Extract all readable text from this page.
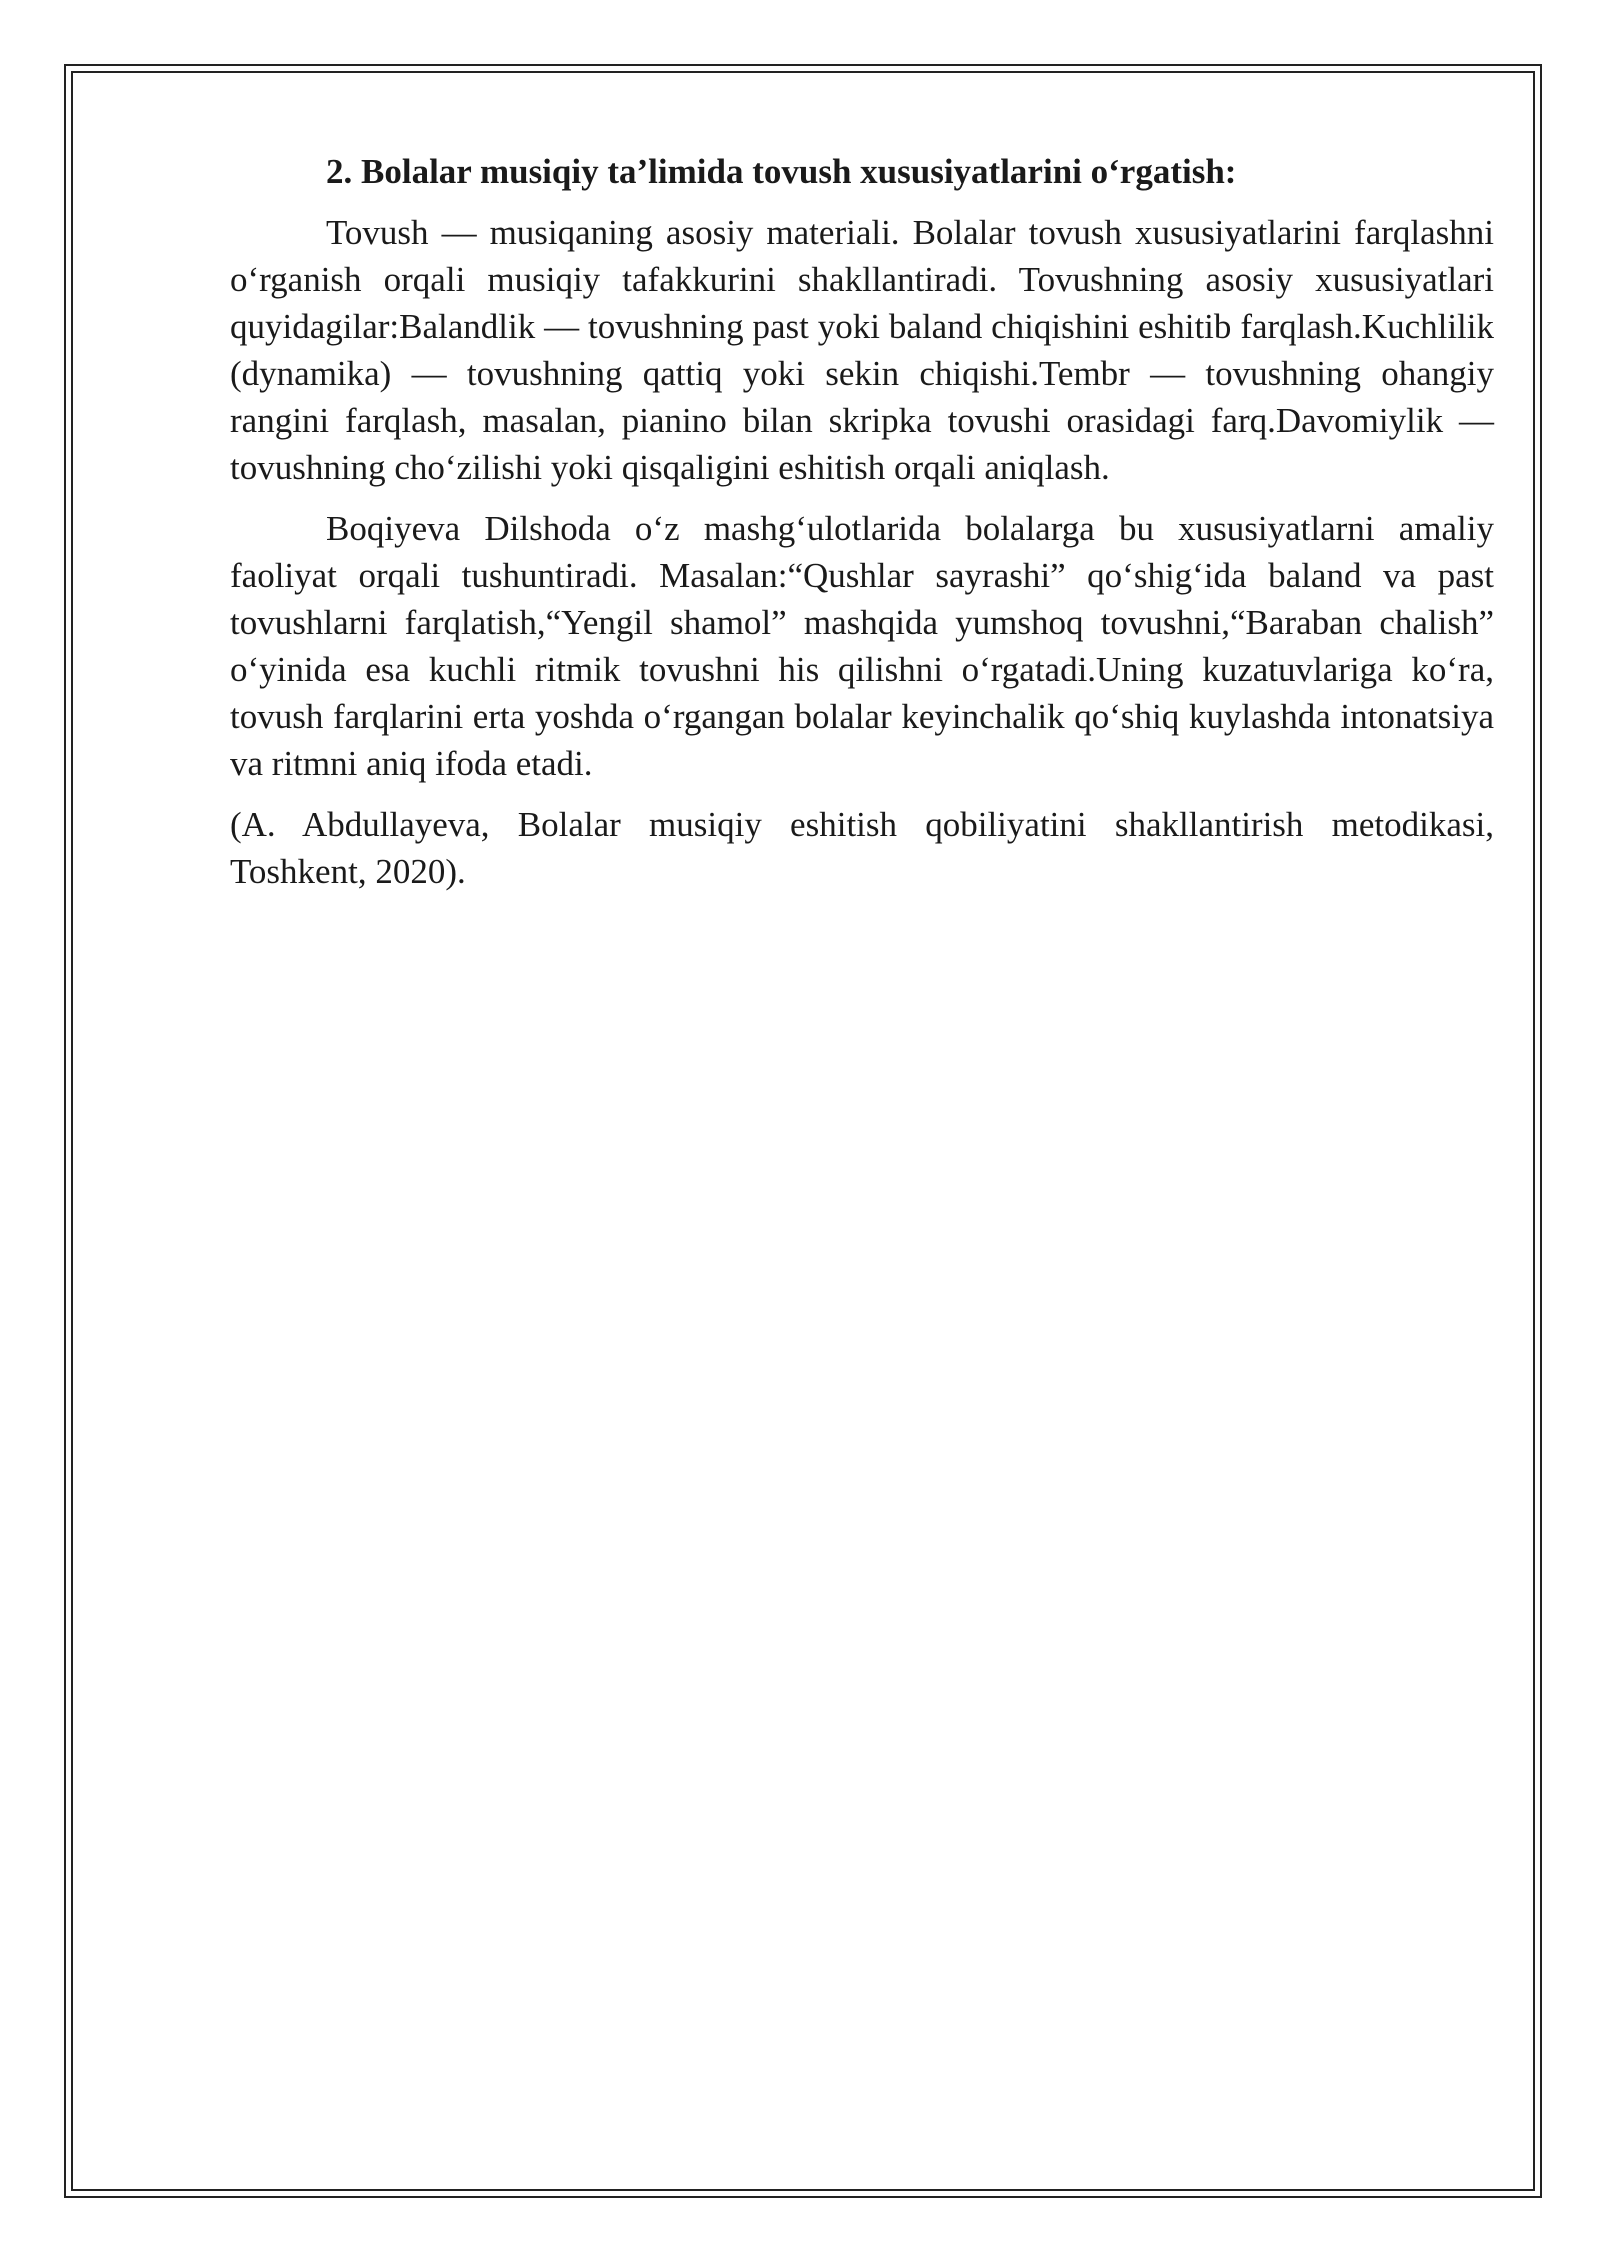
2. Bolalar musiqiy ta’limida tovush xususiyatlarini o‘rgatish:

Tovush — musiqaning asosiy materiali. Bolalar tovush xususiyatlarini farqlashni o‘rganish orqali musiqiy tafakkurini shakllantiradi. Tovushning asosiy xususiyatlari quyidagilar:Balandlik — tovushning past yoki baland chiqishini eshitib farqlash.Kuchlilik (dynamika) — tovushning qattiq yoki sekin chiqishi.Tembr — tovushning ohangiy rangini farqlash, masalan, pianino bilan skripka tovushi orasidagi farq.Davomiylik — tovushning cho‘zilishi yoki qisqaligini eshitish orqali aniqlash.

Boqiyeva Dilshoda o‘z mashg‘ulotlarida bolalarga bu xususiyatlarni amaliy faoliyat orqali tushuntiradi. Masalan:“Qushlar sayrashi” qo‘shig‘ida baland va past tovushlarni farqlatish,“Yengil shamol” mashqida yumshoq tovushni,“Baraban chalish” o‘yinida esa kuchli ritmik tovushni his qilishni o‘rgatadi.Uning kuzatuvlariga ko‘ra, tovush farqlarini erta yoshda o‘rgangan bolalar keyinchalik qo‘shiq kuylashda intonatsiya va ritmni aniq ifoda etadi.

(A. Abdullayeva, Bolalar musiqiy eshitish qobiliyatini shakllantirish metodikasi, Toshkent, 2020).
